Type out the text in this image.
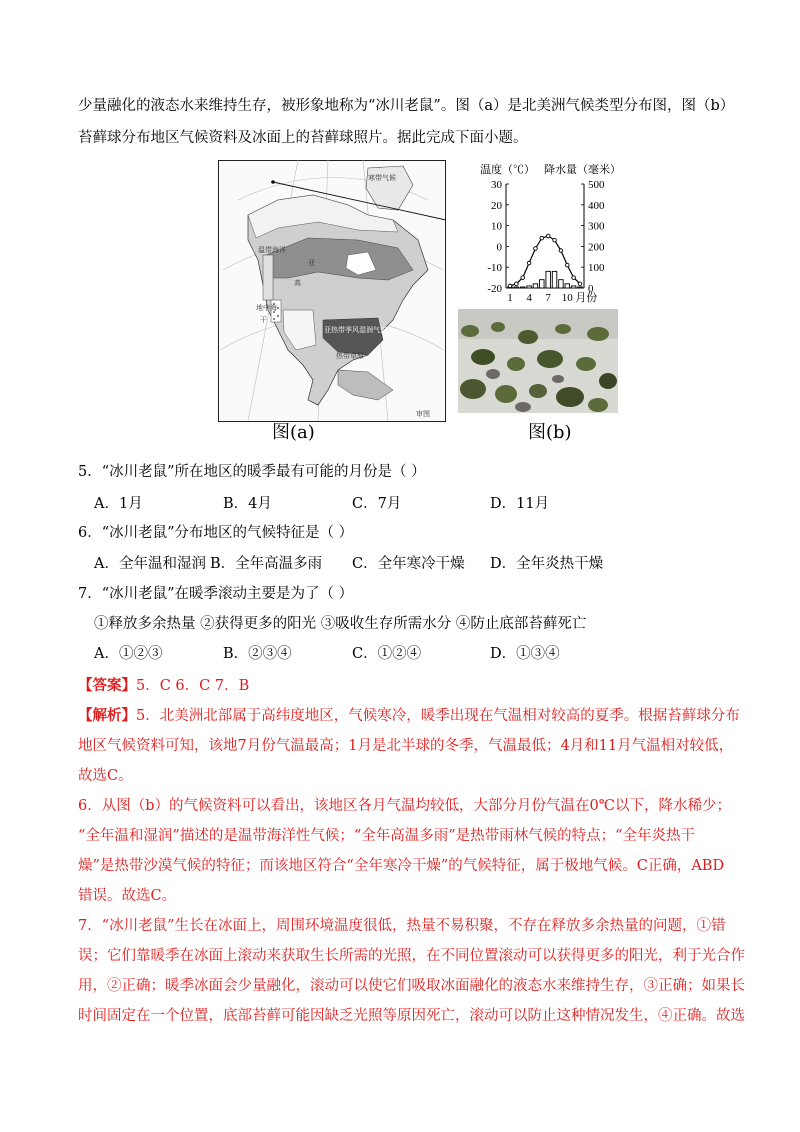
少量融化的液态水来维持生存，被形象地称为“冰川老鼠”。图（a）是北美洲气候类型分布图，图（b）
苔藓球分布地区气候资料及冰面上的苔藓球照片。据此完成下面小题。
寒带气候
亚
温带海洋
地中海
干
亚热带季风湿润气候
热带草原
高
审图
温度（℃） 降水量（毫米）
30
20
10
0
-10
-20
500
400
300
200
100
0
1 4 7 10 月份
图(a)	图(b)
5．“冰川老鼠”所在地区的暖季最有可能的月份是（ ）
A．1月	B．4月	C．7月	D．11月
6．“冰川老鼠”分布地区的气候特征是（ ）
A．全年温和湿润 B．全年高温多雨 C．全年寒冷干燥 D．全年炎热干燥
7．“冰川老鼠”在暖季滚动主要是为了（ ）
①释放多余热量 ②获得更多的阳光 ③吸收生存所需水分 ④防止底部苔藓死亡
A．①②③	B．②③④	C．①②④	D．①③④
【答案】5．C 6．C 7．B
【解析】5．北美洲北部属于高纬度地区，气候寒冷，暖季出现在气温相对较高的夏季。根据苔藓球分布
地区气候资料可知，该地7月份气温最高；1月是北半球的冬季，气温最低；4月和11月气温相对较低，
故选C。
6．从图（b）的气候资料可以看出，该地区各月气温均较低，大部分月份气温在0℃以下，降水稀少；
“全年温和湿润”描述的是温带海洋性气候；“全年高温多雨”是热带雨林气候的特点；“全年炎热干
燥”是热带沙漠气候的特征；而该地区符合“全年寒冷干燥”的气候特征，属于极地气候。C正确，ABD
错误。故选C。
7．“冰川老鼠”生长在冰面上，周围环境温度很低，热量不易积聚，不存在释放多余热量的问题，①错
误；它们靠暖季在冰面上滚动来获取生长所需的光照，在不同位置滚动可以获得更多的阳光，利于光合作
用，②正确；暖季冰面会少量融化，滚动可以使它们吸取冰面融化的液态水来维持生存，③正确；如果长
时间固定在一个位置，底部苔藓可能因缺乏光照等原因死亡，滚动可以防止这种情况发生，④正确。故选
